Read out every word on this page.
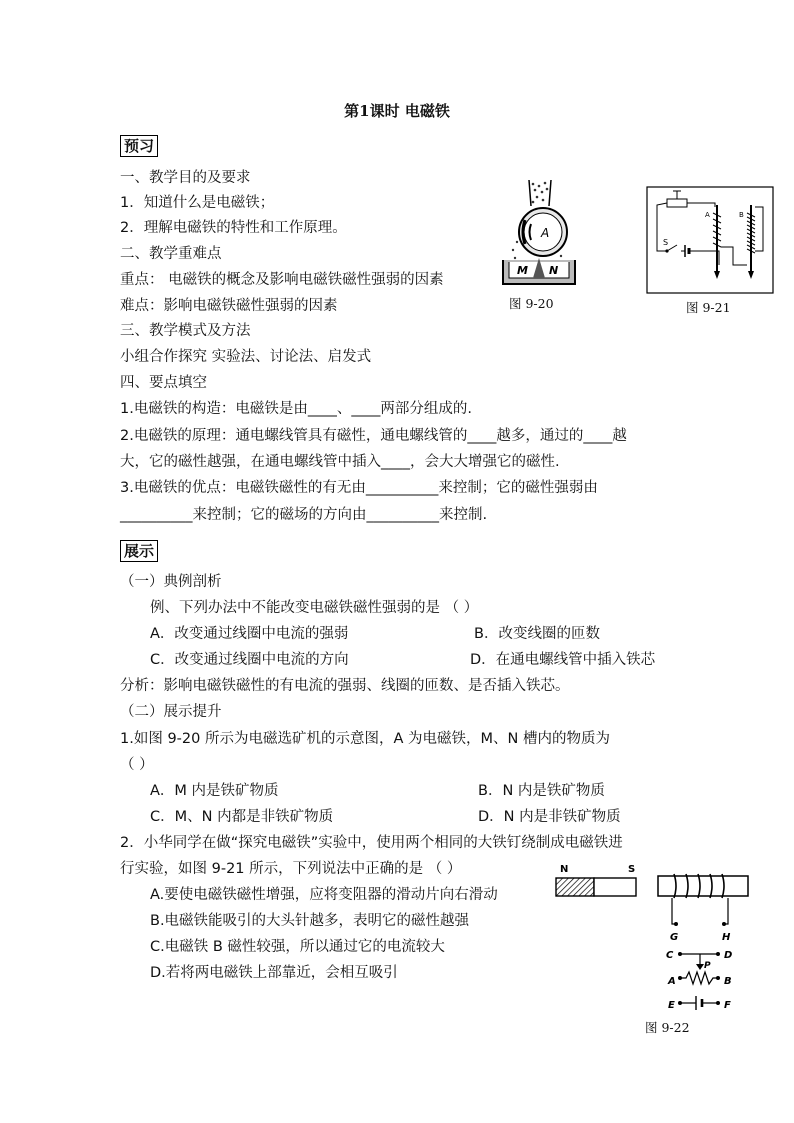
第1课时 电磁铁
预习
一、教学目的及要求
1．知道什么是电磁铁；
2．理解电磁铁的特性和工作原理。
二、教学重难点
重点： 电磁铁的概念及影响电磁铁磁性强弱的因素
难点：影响电磁铁磁性强弱的因素
三、教学模式及方法
小组合作探究 实验法、讨论法、启发式
四、要点填空
1.电磁铁的构造：电磁铁是由____、____两部分组成的.
2.电磁铁的原理：通电螺线管具有磁性，通电螺线管的____越多，通过的____越
大，它的磁性越强，在通电螺线管中插入____，会大大增强它的磁性.
3.电磁铁的优点：电磁铁磁性的有无由__________来控制；它的磁性强弱由
__________来控制；它的磁场的方向由__________来控制.
展示
（一）典例剖析
例、下列办法中不能改变电磁铁磁性强弱的是 （ ）
A．改变通过线圈中电流的强弱	B．改变线圈的匝数
C．改变通过线圈中电流的方向	D．在通电螺线管中插入铁芯
分析：影响电磁铁磁性的有电流的强弱、线圈的匝数、是否插入铁芯。
（二）展示提升
1.如图 9-20 所示为电磁选矿机的示意图，A 为电磁铁，M、N 槽内的物质为
（ ）
A．M 内是铁矿物质	B．N 内是铁矿物质
C．M、N 内都是非铁矿物质	D．N 内是非铁矿物质
2．小华同学在做“探究电磁铁”实验中，使用两个相同的大铁钉绕制成电磁铁进
行实验，如图 9-21 所示，下列说法中正确的是 （ ）
A.要使电磁铁磁性增强，应将变阻器的滑动片向右滑动
B.电磁铁能吸引的大头针越多，表明它的磁性越强
C.电磁铁 B 磁性较强，所以通过它的电流较大
D.若将两电磁铁上部靠近，会相互吸引
A
M N
图 9-20
S
A	B
图 9-21
N	S
G	H
C	D
P
A	B
E	F
图 9-22
